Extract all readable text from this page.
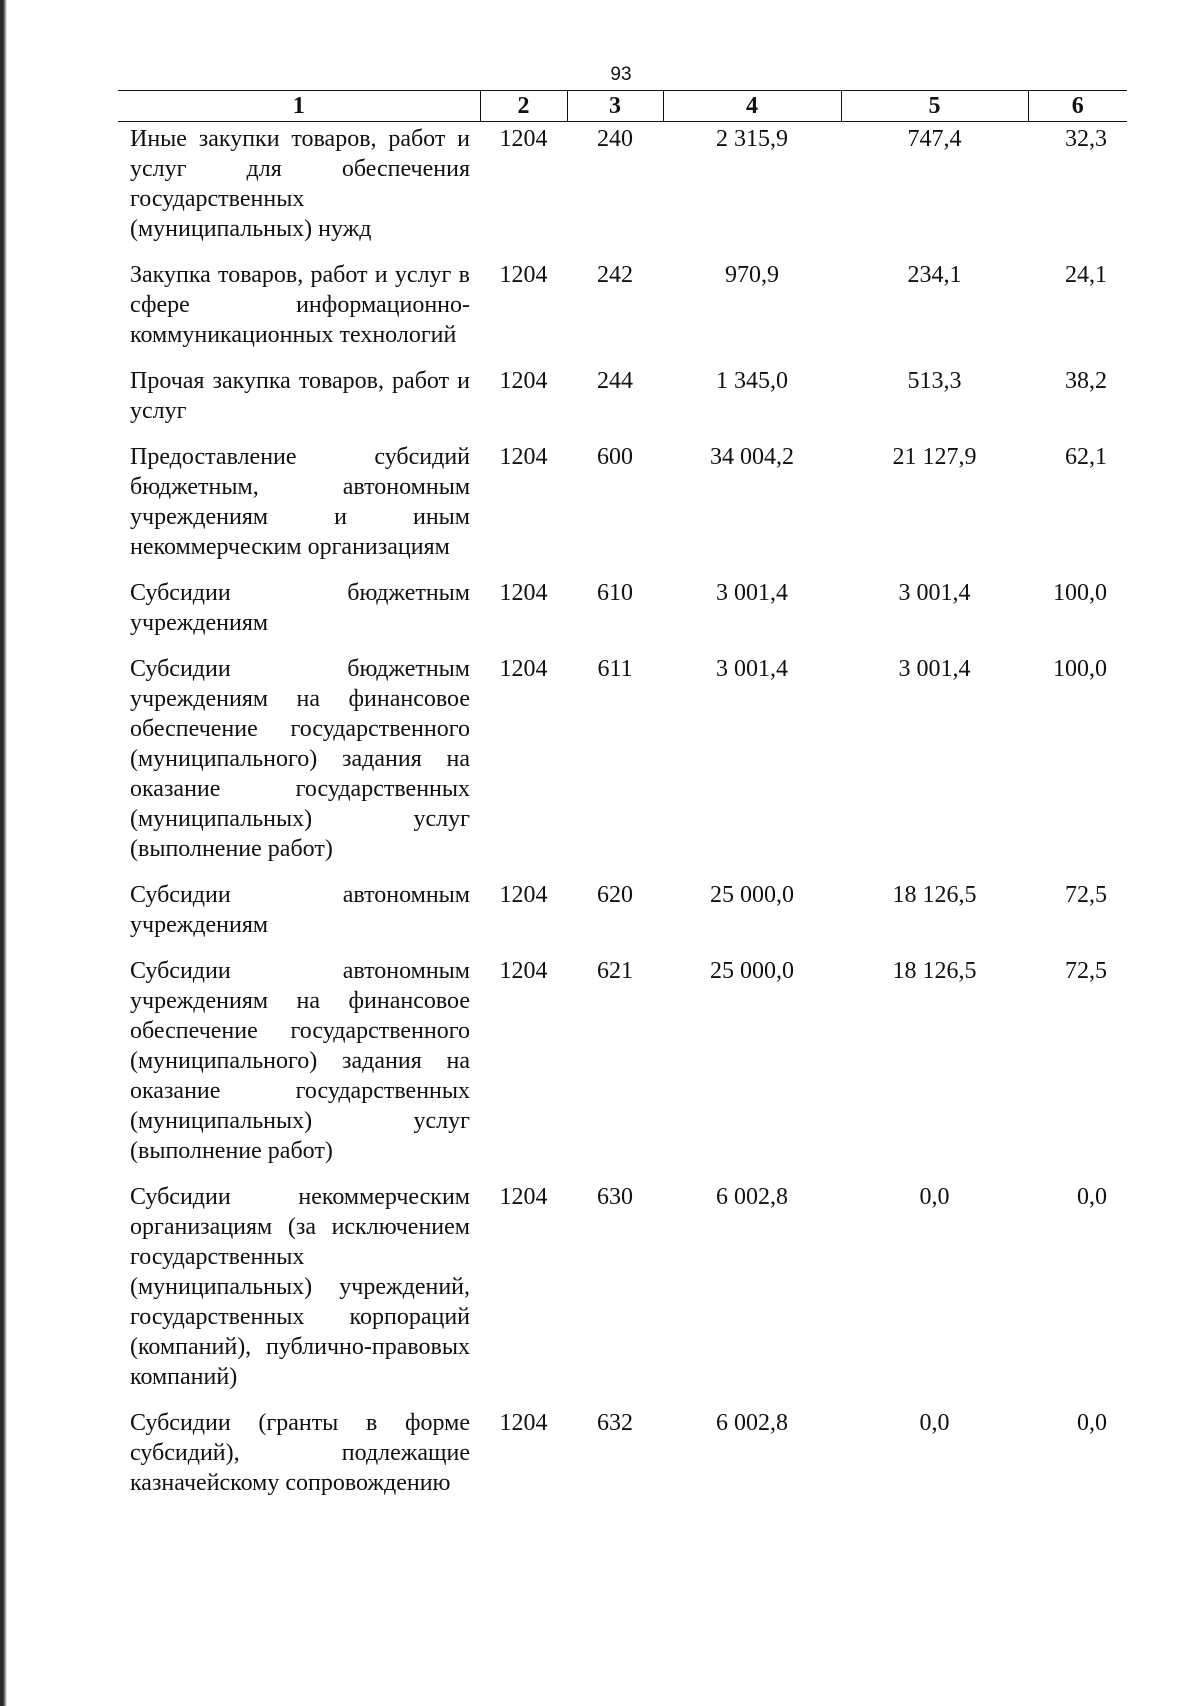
93
1	2	3	4	5	6
Иные закупки товаров, работ и услуг для обеспечения государственных (муниципальных) нужд	1204	240	2 315,9	747,4	32,3
Закупка товаров, работ и услуг в сфере информационно-коммуникационных технологий	1204	242	970,9	234,1	24,1
Прочая закупка товаров, работ и услуг	1204	244	1 345,0	513,3	38,2
Предоставление субсидий бюджетным, автономным учреждениям и иным некоммерческим организациям	1204	600	34 004,2	21 127,9	62,1
Субсидии бюджетным учреждениям	1204	610	3 001,4	3 001,4	100,0
Субсидии бюджетным учреждениям на финансовое обеспечение государственного (муниципального) задания на оказание государственных (муниципальных) услуг (выполнение работ)	1204	611	3 001,4	3 001,4	100,0
Субсидии автономным учреждениям	1204	620	25 000,0	18 126,5	72,5
Субсидии автономным учреждениям на финансовое обеспечение государственного (муниципального) задания на оказание государственных (муниципальных) услуг (выполнение работ)	1204	621	25 000,0	18 126,5	72,5
Субсидии некоммерческим организациям (за исключением государственных (муниципальных) учреждений, государственных корпораций (компаний), публично-правовых компаний)	1204	630	6 002,8	0,0	0,0
Субсидии (гранты в форме субсидий), подлежащие казначейскому сопровождению	1204	632	6 002,8	0,0	0,0
